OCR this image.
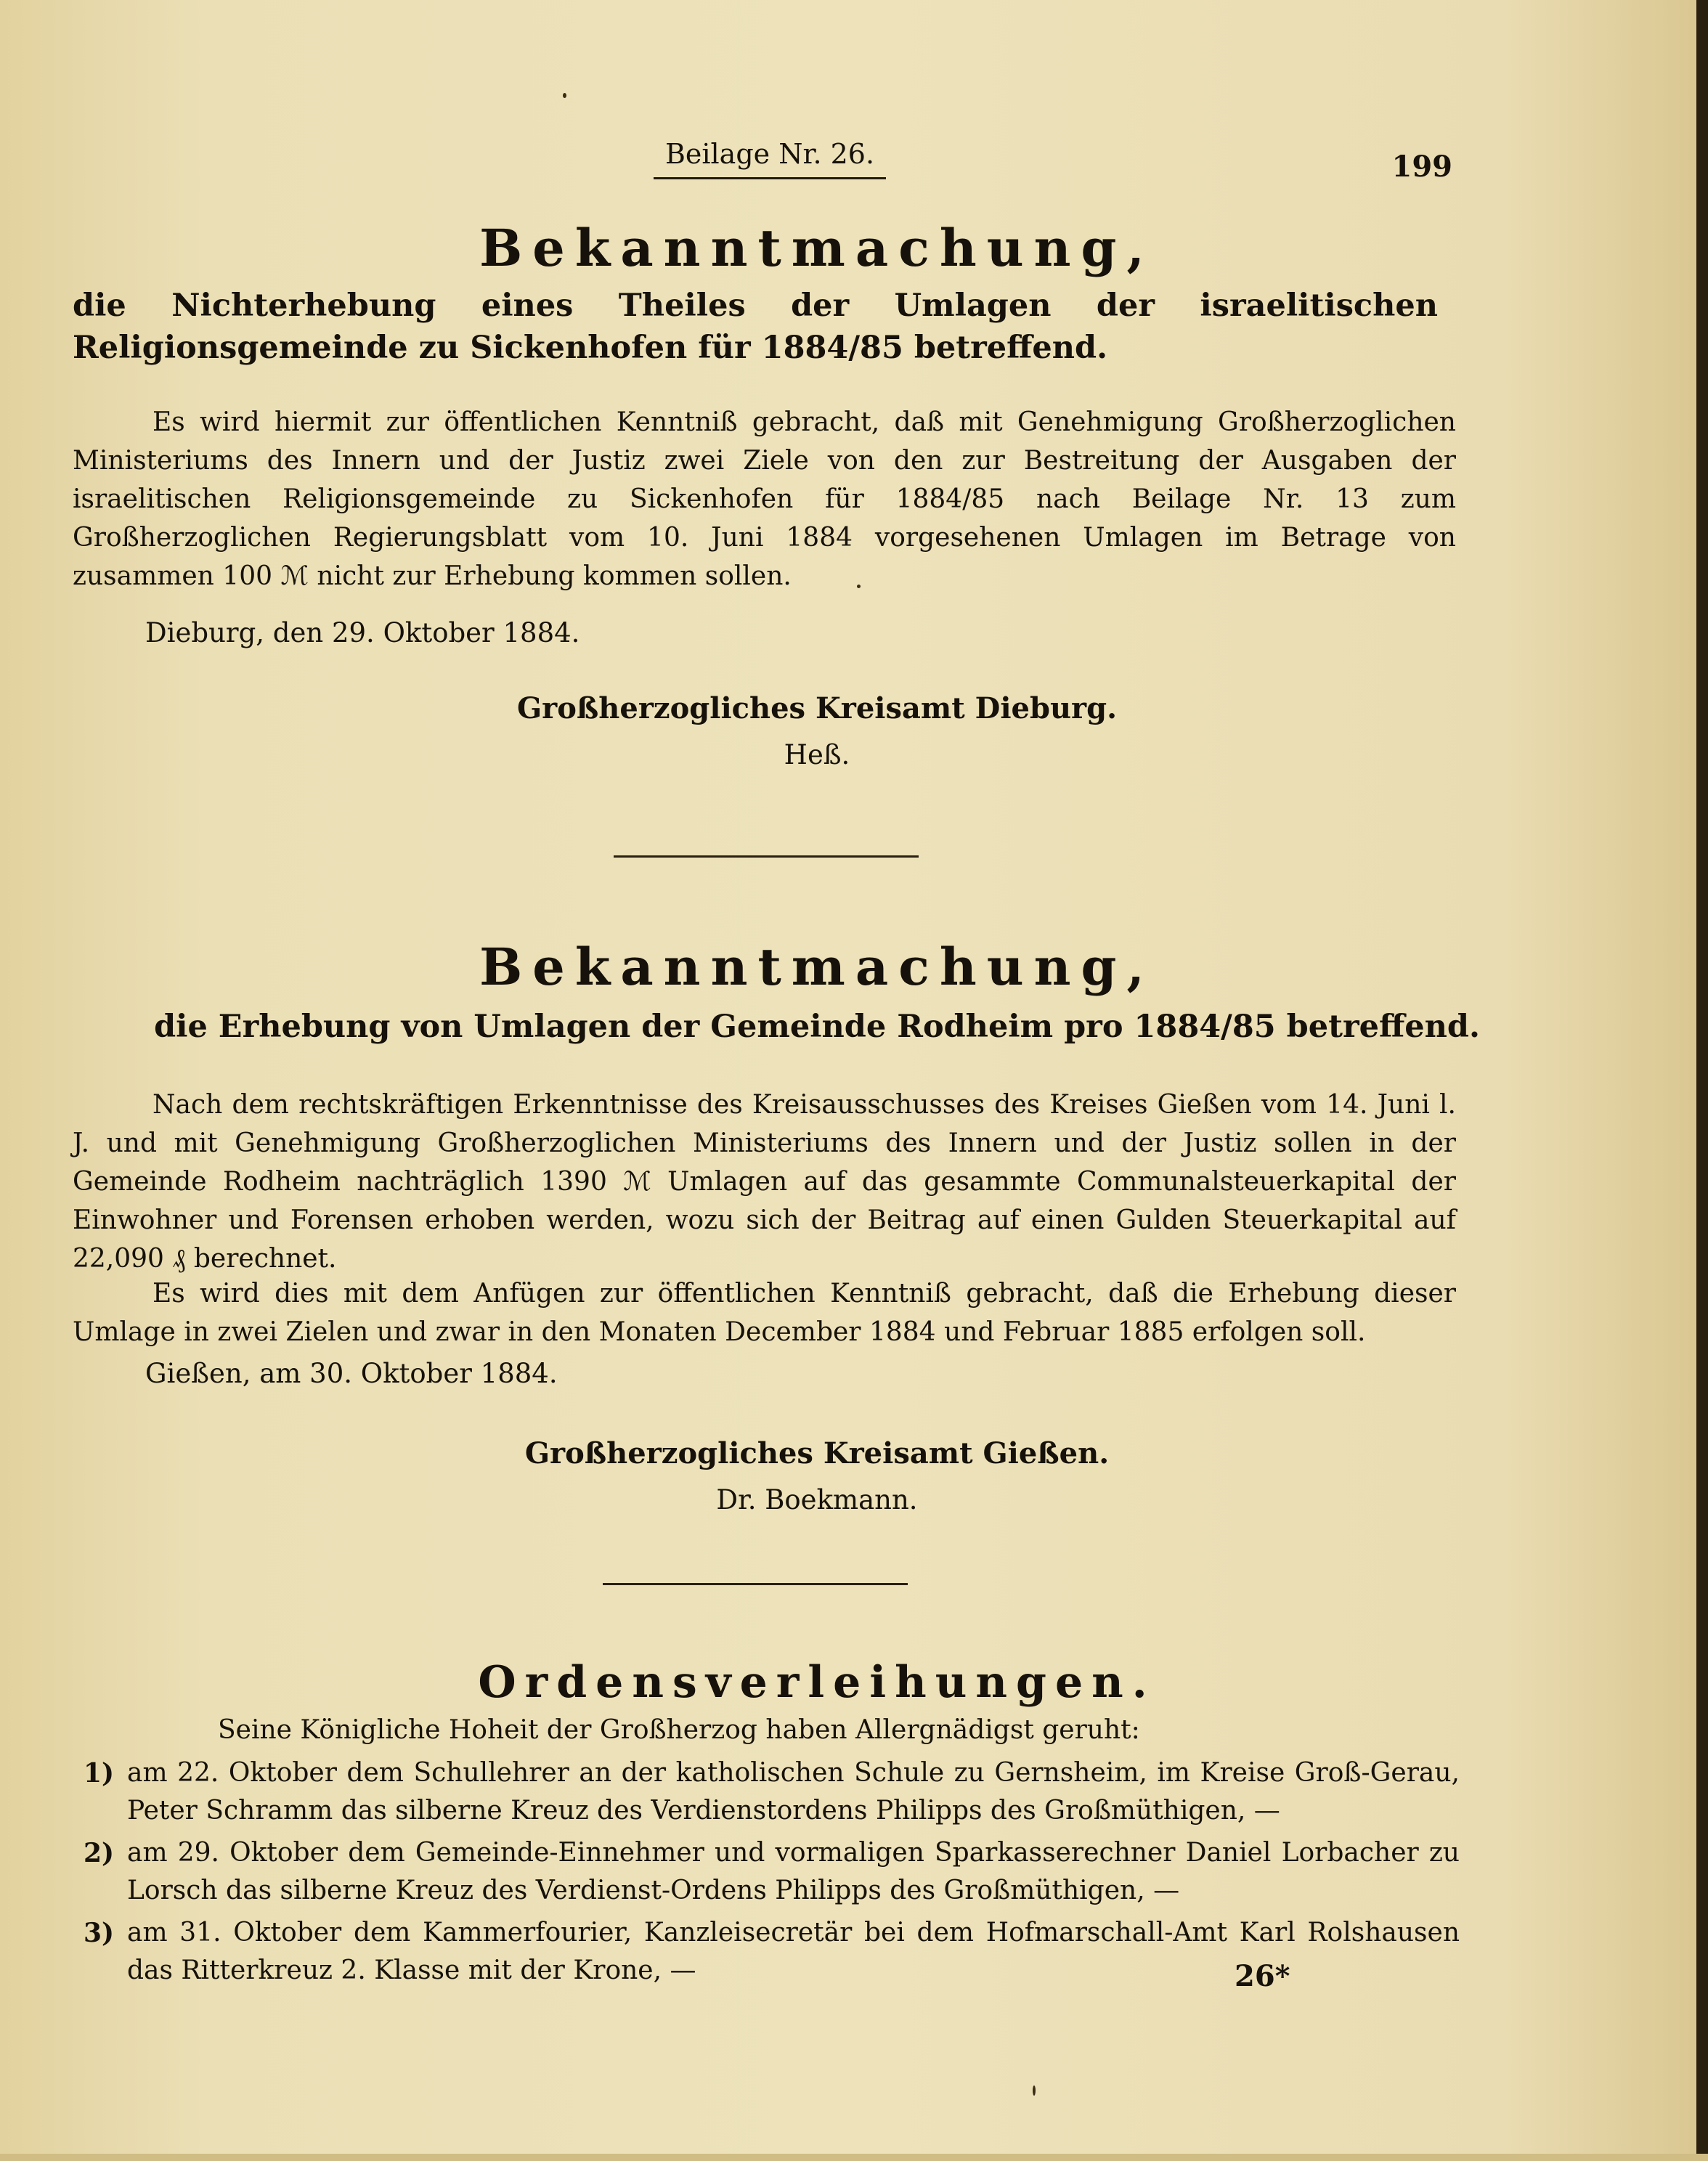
Beilage Nr. 26.	199
Bekanntmachung,
die Nichterhebung eines Theiles der Umlagen der israelitischen Religionsgemeinde zu Sickenhofen für 1884/85 betreffend.
Es wird hiermit zur öffentlichen Kenntniß gebracht, daß mit Genehmigung Großherzoglichen Ministeriums des Innern und der Justiz zwei Ziele von den zur Bestreitung der Ausgaben der israelitischen Religionsgemeinde zu Sickenhofen für 1884/85 nach Beilage Nr. 13 zum Großherzoglichen Regierungsblatt vom 10. Juni 1884 vorgesehenen Umlagen im Betrage von zusammen 100 ℳ nicht zur Erhebung kommen sollen.
Dieburg, den 29. Oktober 1884.
Großherzogliches Kreisamt Dieburg.
Heß.
Bekanntmachung,
die Erhebung von Umlagen der Gemeinde Rodheim pro 1884/85 betreffend.
Nach dem rechtskräftigen Erkenntnisse des Kreisausschusses des Kreises Gießen vom 14. Juni l. J. und mit Genehmigung Großherzoglichen Ministeriums des Innern und der Justiz sollen in der Gemeinde Rodheim nachträglich 1390 ℳ Umlagen auf das gesammte Communalsteuerkapital der Einwohner und Forensen erhoben werden, wozu sich der Beitrag auf einen Gulden Steuerkapital auf 22,090 ₰ berechnet.
Es wird dies mit dem Anfügen zur öffentlichen Kenntniß gebracht, daß die Erhebung dieser Umlage in zwei Zielen und zwar in den Monaten December 1884 und Februar 1885 erfolgen soll.
Gießen, am 30. Oktober 1884.
Großherzogliches Kreisamt Gießen.
Dr. Boekmann.
Ordensverleihungen.
Seine Königliche Hoheit der Großherzog haben Allergnädigst geruht:
1) am 22. Oktober dem Schullehrer an der katholischen Schule zu Gernsheim, im Kreise Groß-Gerau, Peter Schramm das silberne Kreuz des Verdienstordens Philipps des Großmüthigen, —
2) am 29. Oktober dem Gemeinde-Einnehmer und vormaligen Sparkasserechner Daniel Lorbacher zu Lorsch das silberne Kreuz des Verdienst-Ordens Philipps des Großmüthigen, —
3) am 31. Oktober dem Kammerfourier, Kanzleisecretär bei dem Hofmarschall-Amt Karl Rolshausen das Ritterkreuz 2. Klasse mit der Krone, —	26*
